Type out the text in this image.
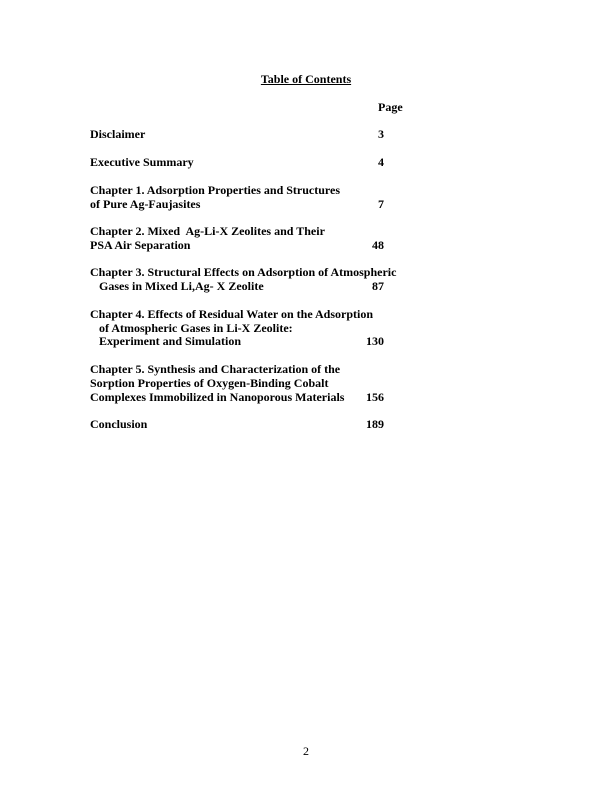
Table of Contents
Page
Disclaimer	3
Executive Summary	4
Chapter 1. Adsorption Properties and Structures
of Pure Ag-Faujasites	7
Chapter 2. Mixed  Ag-Li-X Zeolites and Their
PSA Air Separation	48
Chapter 3. Structural Effects on Adsorption of Atmospheric
Gases in Mixed Li,Ag- X Zeolite	87
Chapter 4. Effects of Residual Water on the Adsorption
of Atmospheric Gases in Li-X Zeolite:
Experiment and Simulation	130
Chapter 5. Synthesis and Characterization of the
Sorption Properties of Oxygen-Binding Cobalt
Complexes Immobilized in Nanoporous Materials 156
Conclusion	189
2
